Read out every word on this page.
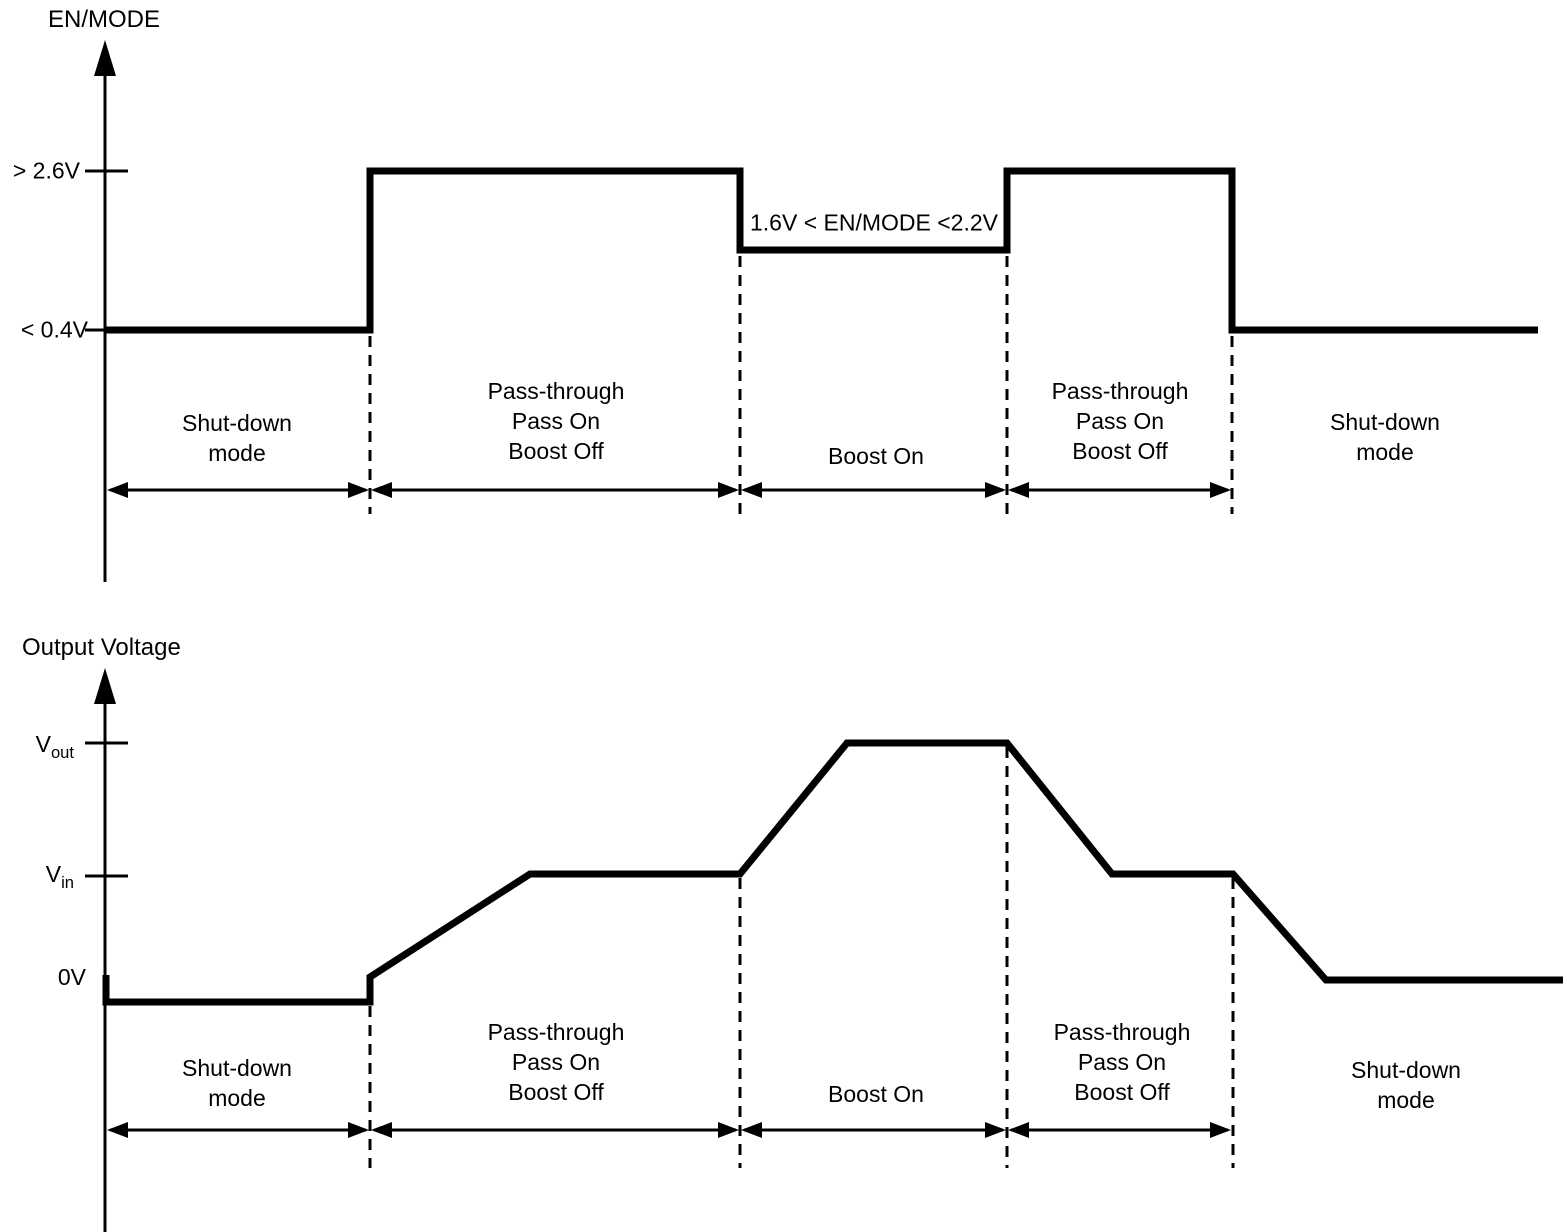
EN/MODE
Output Voltage
> 2.6V
< 0.4V
$V_{out}$
$V_{in}$
0V
1.6V < EN/MODE <2.2V
Shut-down
mode
Pass-through
Pass On
Boost Off	Boost On
Pass-through
Pass On
Boost Off
Shut-down
mode
Shut-down
mode
Pass-through
Pass On
Boost Off	Boost On
Pass-through
Pass On
Boost Off
Shut-down
mode
